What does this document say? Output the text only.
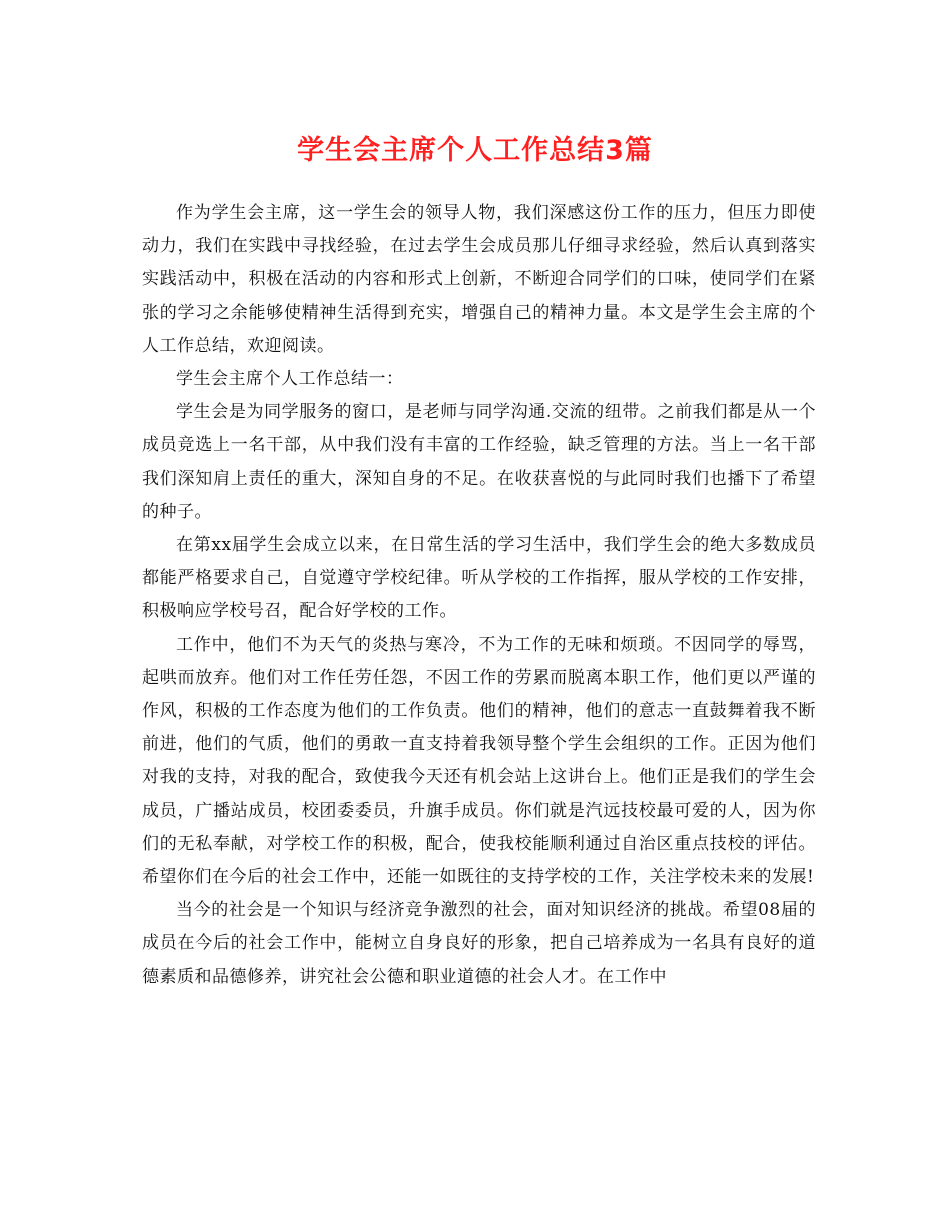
学生会主席个人工作总结3篇

作为学生会主席，这一学生会的领导人物，我们深感这份工作的压力，但压力即使动力，我们在实践中寻找经验，在过去学生会成员那儿仔细寻求经验，然后认真到落实实践活动中，积极在活动的内容和形式上创新，不断迎合同学们的口味，使同学们在紧张的学习之余能够使精神生活得到充实，增强自己的精神力量。本文是学生会主席的个人工作总结，欢迎阅读。

学生会主席个人工作总结一：

学生会是为同学服务的窗口，是老师与同学沟通.交流的纽带。之前我们都是从一个成员竞选上一名干部，从中我们没有丰富的工作经验，缺乏管理的方法。当上一名干部我们深知肩上责任的重大，深知自身的不足。在收获喜悦的与此同时我们也播下了希望的种子。

在第xx届学生会成立以来，在日常生活的学习生活中，我们学生会的绝大多数成员都能严格要求自己，自觉遵守学校纪律。听从学校的工作指挥，服从学校的工作安排，积极响应学校号召，配合好学校的工作。

工作中，他们不为天气的炎热与寒冷，不为工作的无味和烦琐。不因同学的辱骂，起哄而放弃。他们对工作任劳任怨，不因工作的劳累而脱离本职工作，他们更以严谨的作风，积极的工作态度为他们的工作负责。他们的精神，他们的意志一直鼓舞着我不断前进，他们的气质，他们的勇敢一直支持着我领导整个学生会组织的工作。正因为他们对我的支持，对我的配合，致使我今天还有机会站上这讲台上。他们正是我们的学生会成员，广播站成员，校团委委员，升旗手成员。你们就是汽远技校最可爱的人，因为你们的无私奉献，对学校工作的积极，配合，使我校能顺利通过自治区重点技校的评估。希望你们在今后的社会工作中，还能一如既往的支持学校的工作，关注学校未来的发展!

当今的社会是一个知识与经济竞争激烈的社会，面对知识经济的挑战。希望08届的成员在今后的社会工作中，能树立自身良好的形象，把自己培养成为一名具有良好的道德素质和品德修养，讲究社会公德和职业道德的社会人才。在工作中
